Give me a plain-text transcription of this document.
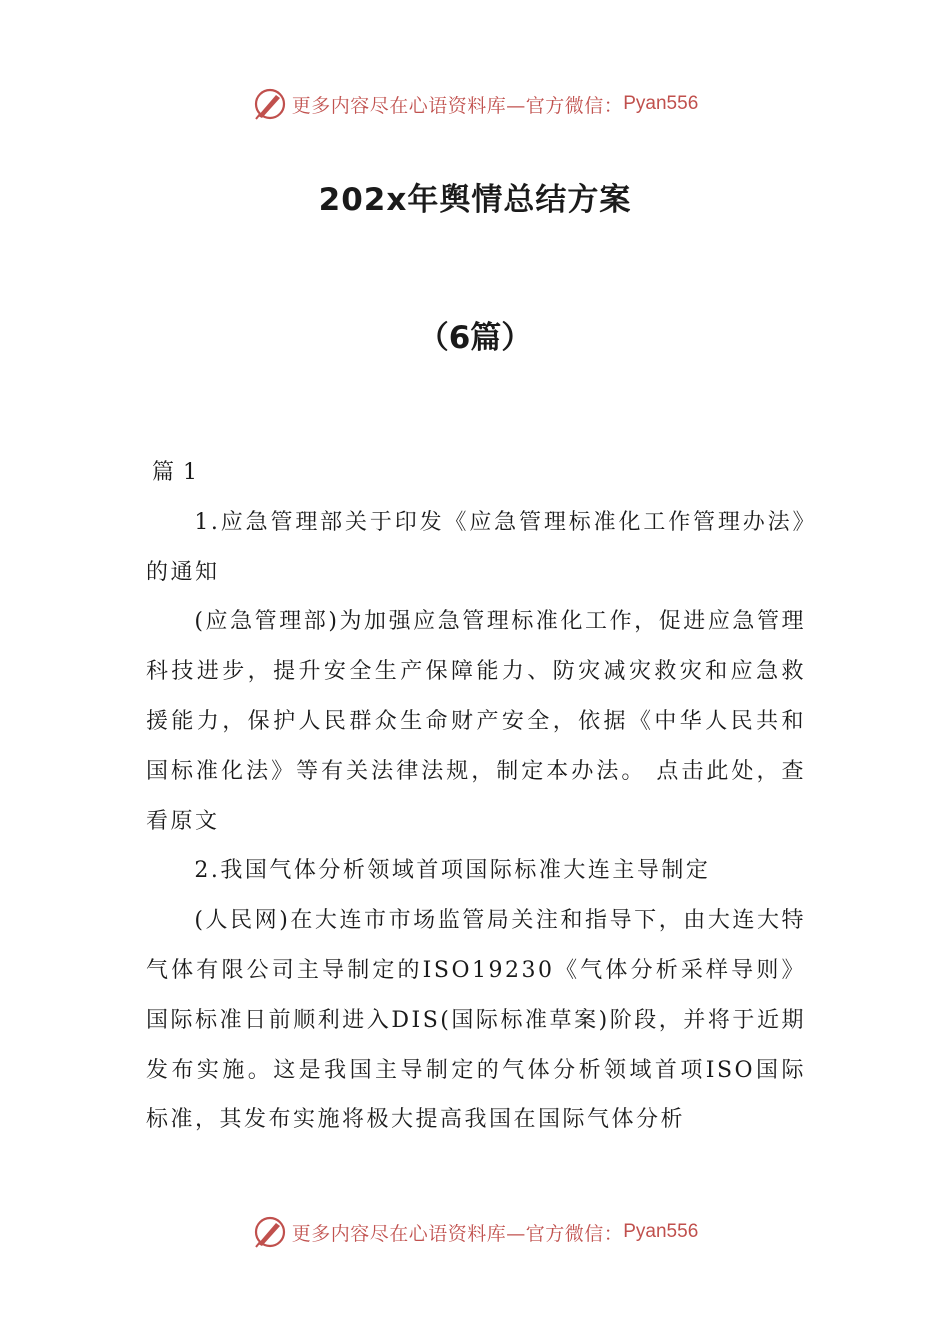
更多内容尽在心语资料库—官方微信： Pyan556
202x年舆情总结方案
（6篇）

篇 1

1.应急管理部关于印发《应急管理标准化工作管理办法》的通知

(应急管理部)为加强应急管理标准化工作，促进应急管理科技进步，提升安全生产保障能力、防灾减灾救灾和应急救援能力，保护人民群众生命财产安全，依据《中华人民共和国标准化法》等有关法律法规，制定本办法。 点击此处，查看原文

2.我国气体分析领域首项国际标准大连主导制定

(人民网)在大连市市场监管局关注和指导下，由大连大特气体有限公司主导制定的ISO19230《气体分析采样导则》国际标准日前顺利进入DIS(国际标准草案)阶段，并将于近期发布实施。这是我国主导制定的气体分析领域首项ISO国际标准，其发布实施将极大提高我国在国际气体分析

更多内容尽在心语资料库—官方微信： Pyan556
